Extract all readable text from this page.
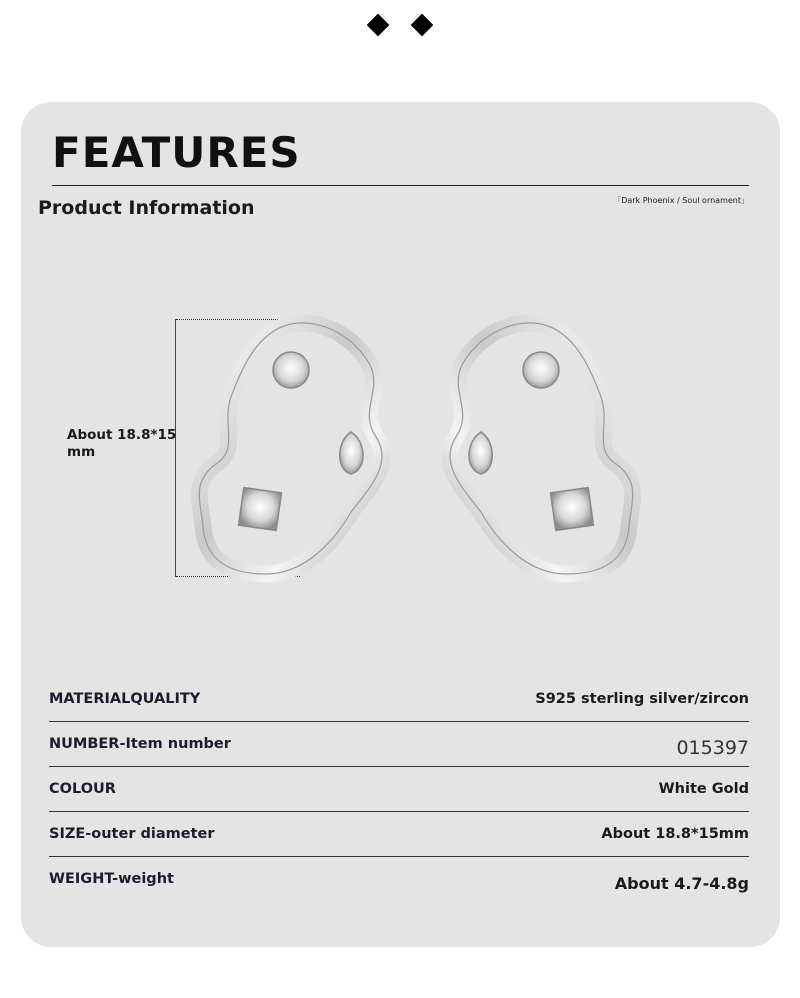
FEATURES
Product Information	「Dark Phoenix / Soul ornament」
About 18.8*15 mm
MATERIALQUALITY	S925 sterling silver/zircon
NUMBER-Item number	015397
COLOUR	White Gold
SIZE-outer diameter	About 18.8*15mm
WEIGHT-weight	About 4.7-4.8g
